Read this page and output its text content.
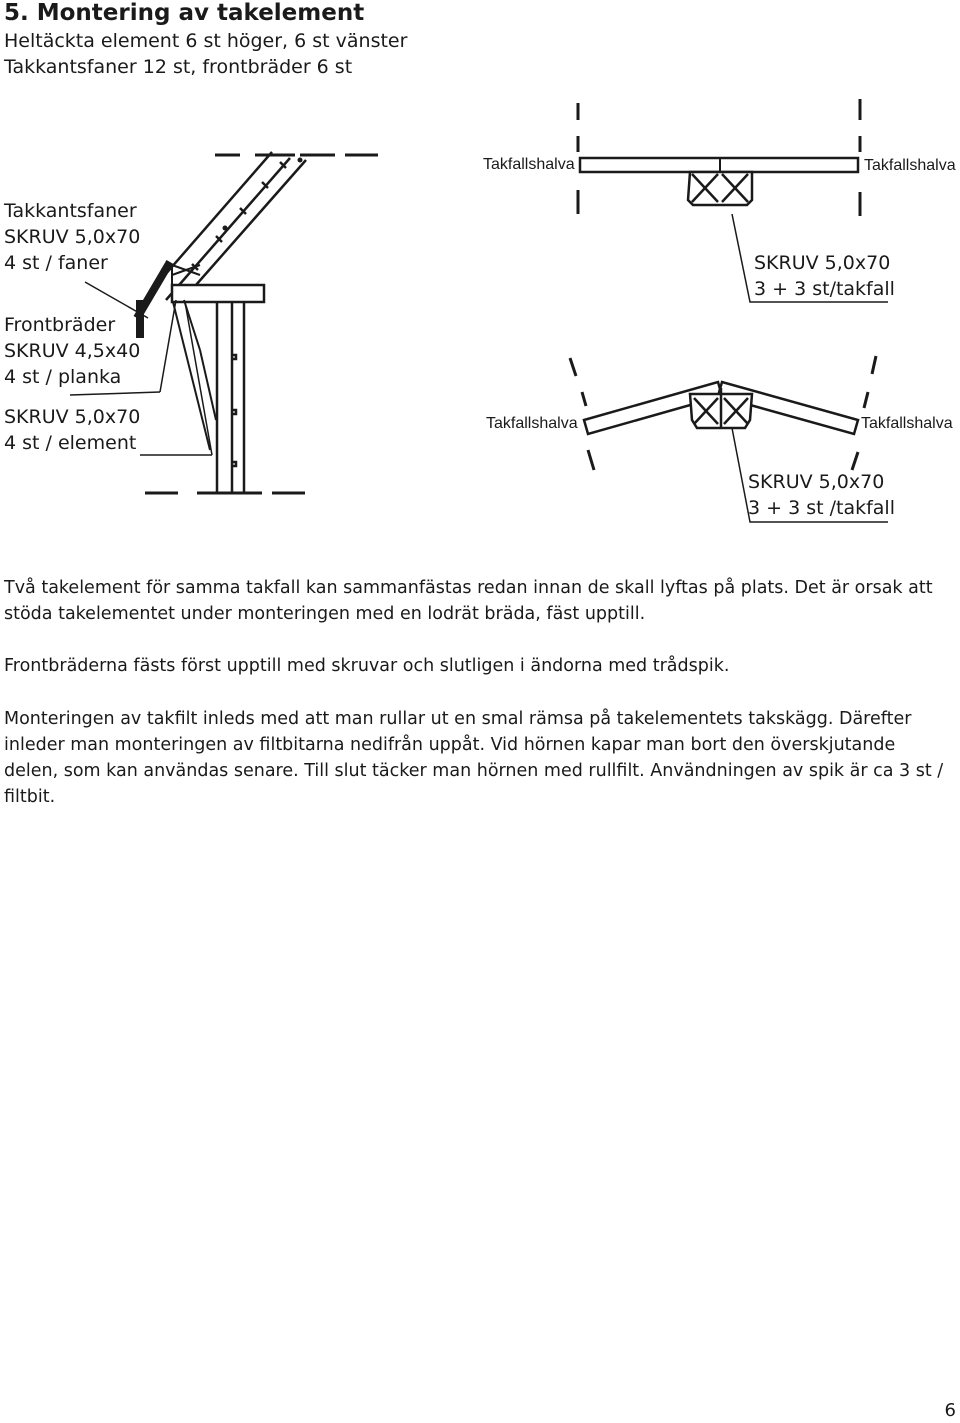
5. Montering av takelement

Heltäckta element 6 st höger, 6 st vänster

Takkantsfaner 12 st, frontbräder 6 st

Takkantsfaner
SKRUV 5,0x70
4 st / faner
Frontbräder
SKRUV 4,5x40
4 st / planka
SKRUV 5,0x70
4 st / element
Takfallshalva	Takfallshalva
SKRUV 5,0x70
3 + 3 st/takfall
Takfallshalva	Takfallshalva
SKRUV 5,0x70
3 + 3 st /takfall

Två takelement för samma takfall kan sammanfästas redan innan de skall lyftas på plats. Det är orsak att stöda takelementet under monteringen med en lodrät bräda, fäst upptill.

Frontbräderna fästs först upptill med skruvar och slutligen i ändorna med trådspik.

Monteringen av takfilt inleds med att man rullar ut en smal rämsa på takelementets takskägg. Därefter inleder man monteringen av filtbitarna nedifrån uppåt. Vid hörnen kapar man bort den överskjutande delen, som kan användas senare. Till slut täcker man hörnen med rullfilt. Användningen av spik är ca 3 st / filtbit.

6
